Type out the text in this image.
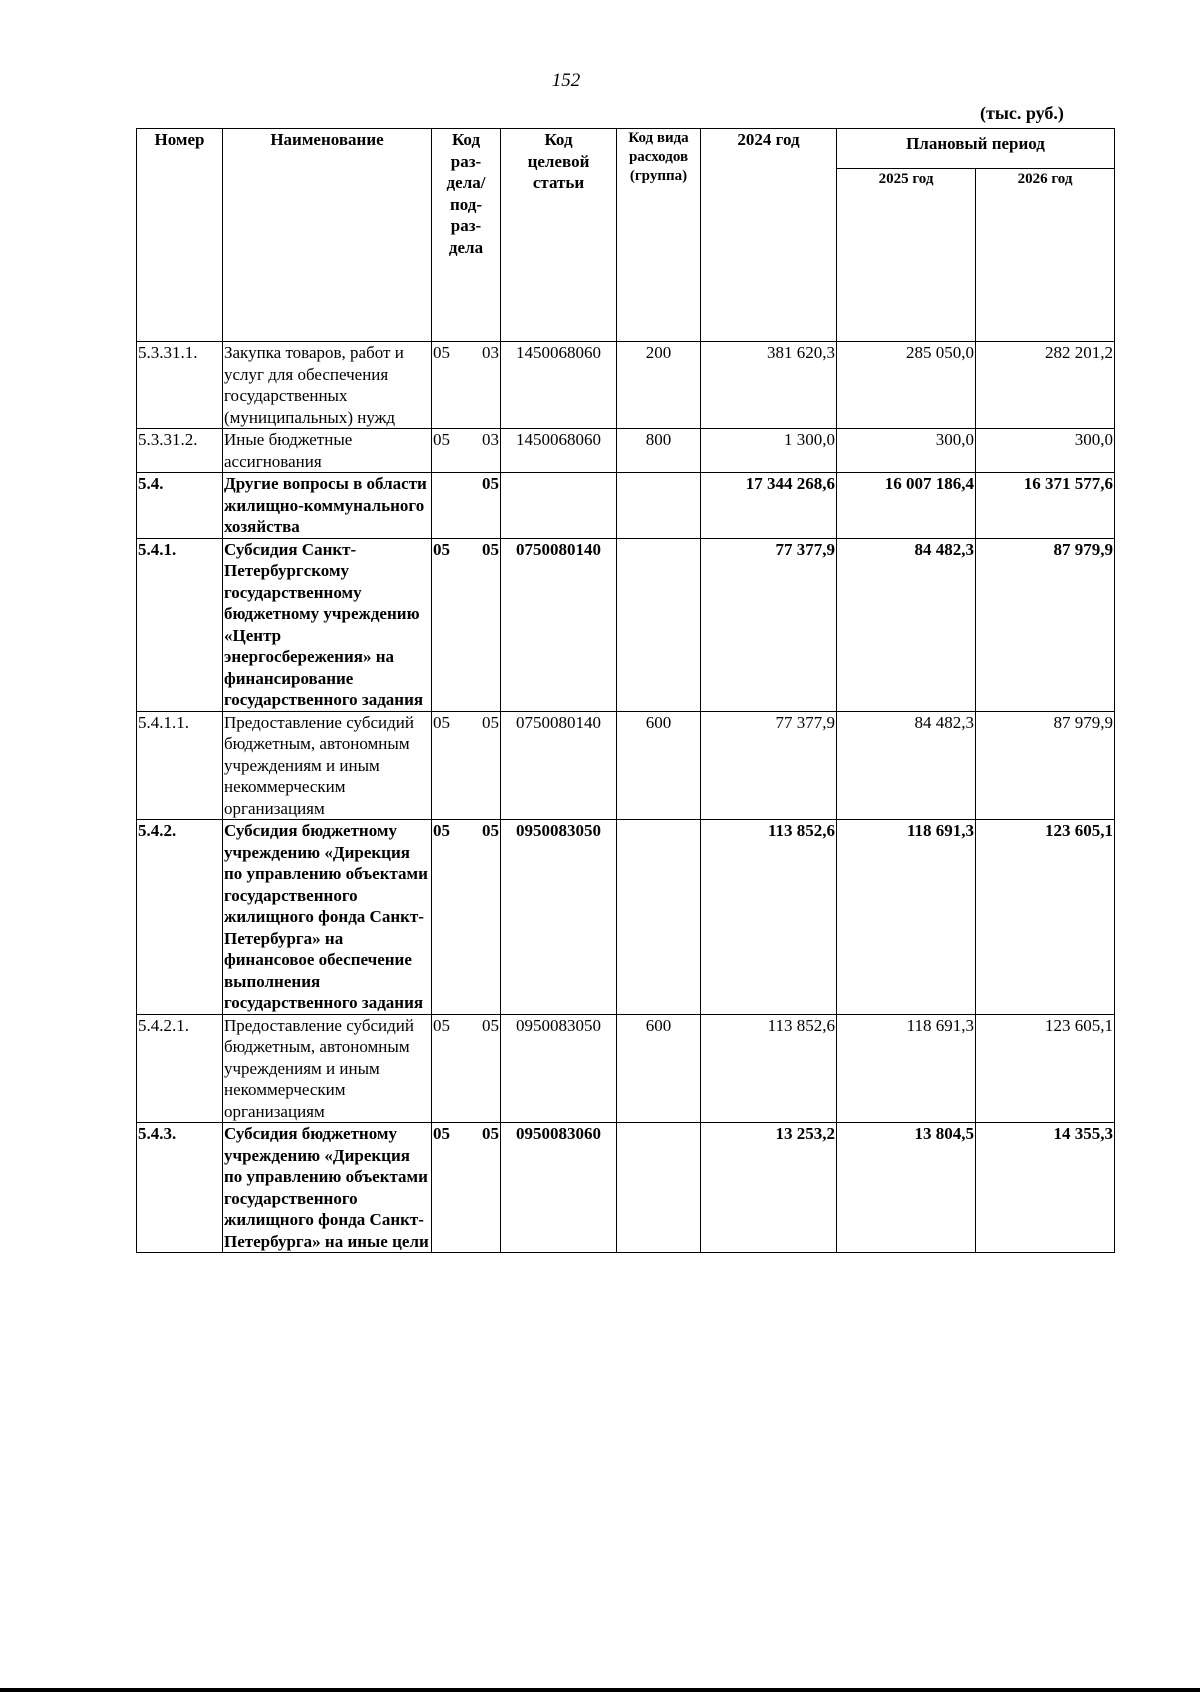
152
(тыс. руб.)
Номер	Наименование	Код раз- дела/ под- раз- дела	Код целевой статьи	Код вида расходов (группа)	2024 год	Плановый период	
						2025 год	2026 год
5.3.31.1.	Закупка товаров, работ и услуг для обеспечения государственных (муниципальных) нужд	05 03	1450068060	200	381 620,3	285 050,0	282 201,2
5.3.31.2.	Иные бюджетные ассигнования	05 03	1450068060	800	1 300,0	300,0	300,0
5.4.	Другие вопросы в области жилищно-коммунального хозяйства	05			17 344 268,6	16 007 186,4	16 371 577,6
5.4.1.	Субсидия Санкт-Петербургскому государственному бюджетному учреждению «Центр энергосбережения» на финансирование государственного задания	05 05	0750080140		77 377,9	84 482,3	87 979,9
5.4.1.1.	Предоставление субсидий бюджетным, автономным учреждениям и иным некоммерческим организациям	05 05	0750080140	600	77 377,9	84 482,3	87 979,9
5.4.2.	Субсидия бюджетному учреждению «Дирекция по управлению объектами государственного жилищного фонда Санкт-Петербурга» на финансовое обеспечение выполнения государственного задания	05 05	0950083050		113 852,6	118 691,3	123 605,1
5.4.2.1.	Предоставление субсидий бюджетным, автономным учреждениям и иным некоммерческим организациям	05 05	0950083050	600	113 852,6	118 691,3	123 605,1
5.4.3.	Субсидия бюджетному учреждению «Дирекция по управлению объектами государственного жилищного фонда Санкт-Петербурга» на иные цели	05 05	0950083060		13 253,2	13 804,5	14 355,3
